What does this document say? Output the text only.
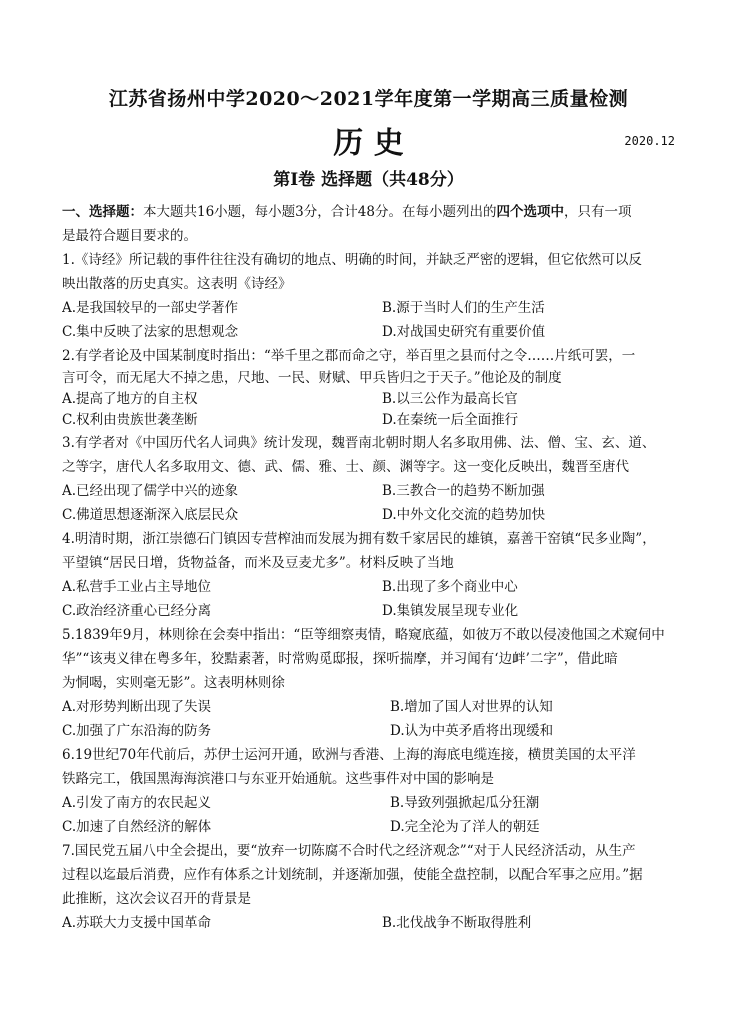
江苏省扬州中学2020～2021学年度第一学期高三质量检测
历 史	2020.12
第Ⅰ卷 选择题（共48分）
一、选择题：本大题共16小题，每小题3分，合计48分。在每小题列出的四个选项中，只有一项
是最符合题目要求的。
1.《诗经》所记载的事件往往没有确切的地点、明确的时间，并缺乏严密的逻辑，但它依然可以反
映出散落的历史真实。这表明《诗经》
A.是我国较早的一部史学著作	B.源于当时人们的生产生活
C.集中反映了法家的思想观念	D.对战国史研究有重要价值
2.有学者论及中国某制度时指出：“举千里之郡而命之守，举百里之县而付之令……片纸可罢，一
言可令，而无尾大不掉之患，尺地、一民、财赋、甲兵皆归之于天子。”他论及的制度
A.提高了地方的自主权	B.以三公作为最高长官
C.权利由贵族世袭垄断	D.在秦统一后全面推行
3.有学者对《中国历代名人词典》统计发现，魏晋南北朝时期人名多取用佛、法、僧、宝、玄、道、
之等字，唐代人名多取用文、德、武、儒、雅、士、颜、渊等字。这一变化反映出，魏晋至唐代
A.已经出现了儒学中兴的迹象	B.三教合一的趋势不断加强
C.佛道思想逐渐深入底层民众	D.中外文化交流的趋势加快
4.明清时期，浙江崇德石门镇因专营榨油而发展为拥有数千家居民的雄镇，嘉善干窑镇“民多业陶”，
平望镇“居民日增，货物益备，而米及豆麦尤多”。材料反映了当地
A.私营手工业占主导地位	B.出现了多个商业中心
C.政治经济重心已经分离	D.集镇发展呈现专业化
5.1839年9月，林则徐在会奏中指出：“臣等细察夷情，略窥底蕴，如彼万不敢以侵凌他国之术窥伺中
华”“该夷义律在粤多年，狡黠素著，时常购觅邸报，探听揣摩，并习闻有‘边衅’二字”，借此暗
为恫喝，实则毫无影”。这表明林则徐
A.对形势判断出现了失误	B.增加了国人对世界的认知
C.加强了广东沿海的防务	D.认为中英矛盾将出现缓和
6.19世纪70年代前后，苏伊士运河开通，欧洲与香港、上海的海底电缆连接，横贯美国的太平洋
铁路完工，俄国黑海海滨港口与东亚开始通航。这些事件对中国的影响是
A.引发了南方的农民起义	B.导致列强掀起瓜分狂潮
C.加速了自然经济的解体	D.完全沦为了洋人的朝廷
7.国民党五届八中全会提出，要“放弃一切陈腐不合时代之经济观念”“对于人民经济活动，从生产
过程以迄最后消费，应作有体系之计划统制，并逐渐加强，使能全盘控制，以配合军事之应用。”据
此推断，这次会议召开的背景是
A.苏联大力支援中国革命	B.北伐战争不断取得胜利
